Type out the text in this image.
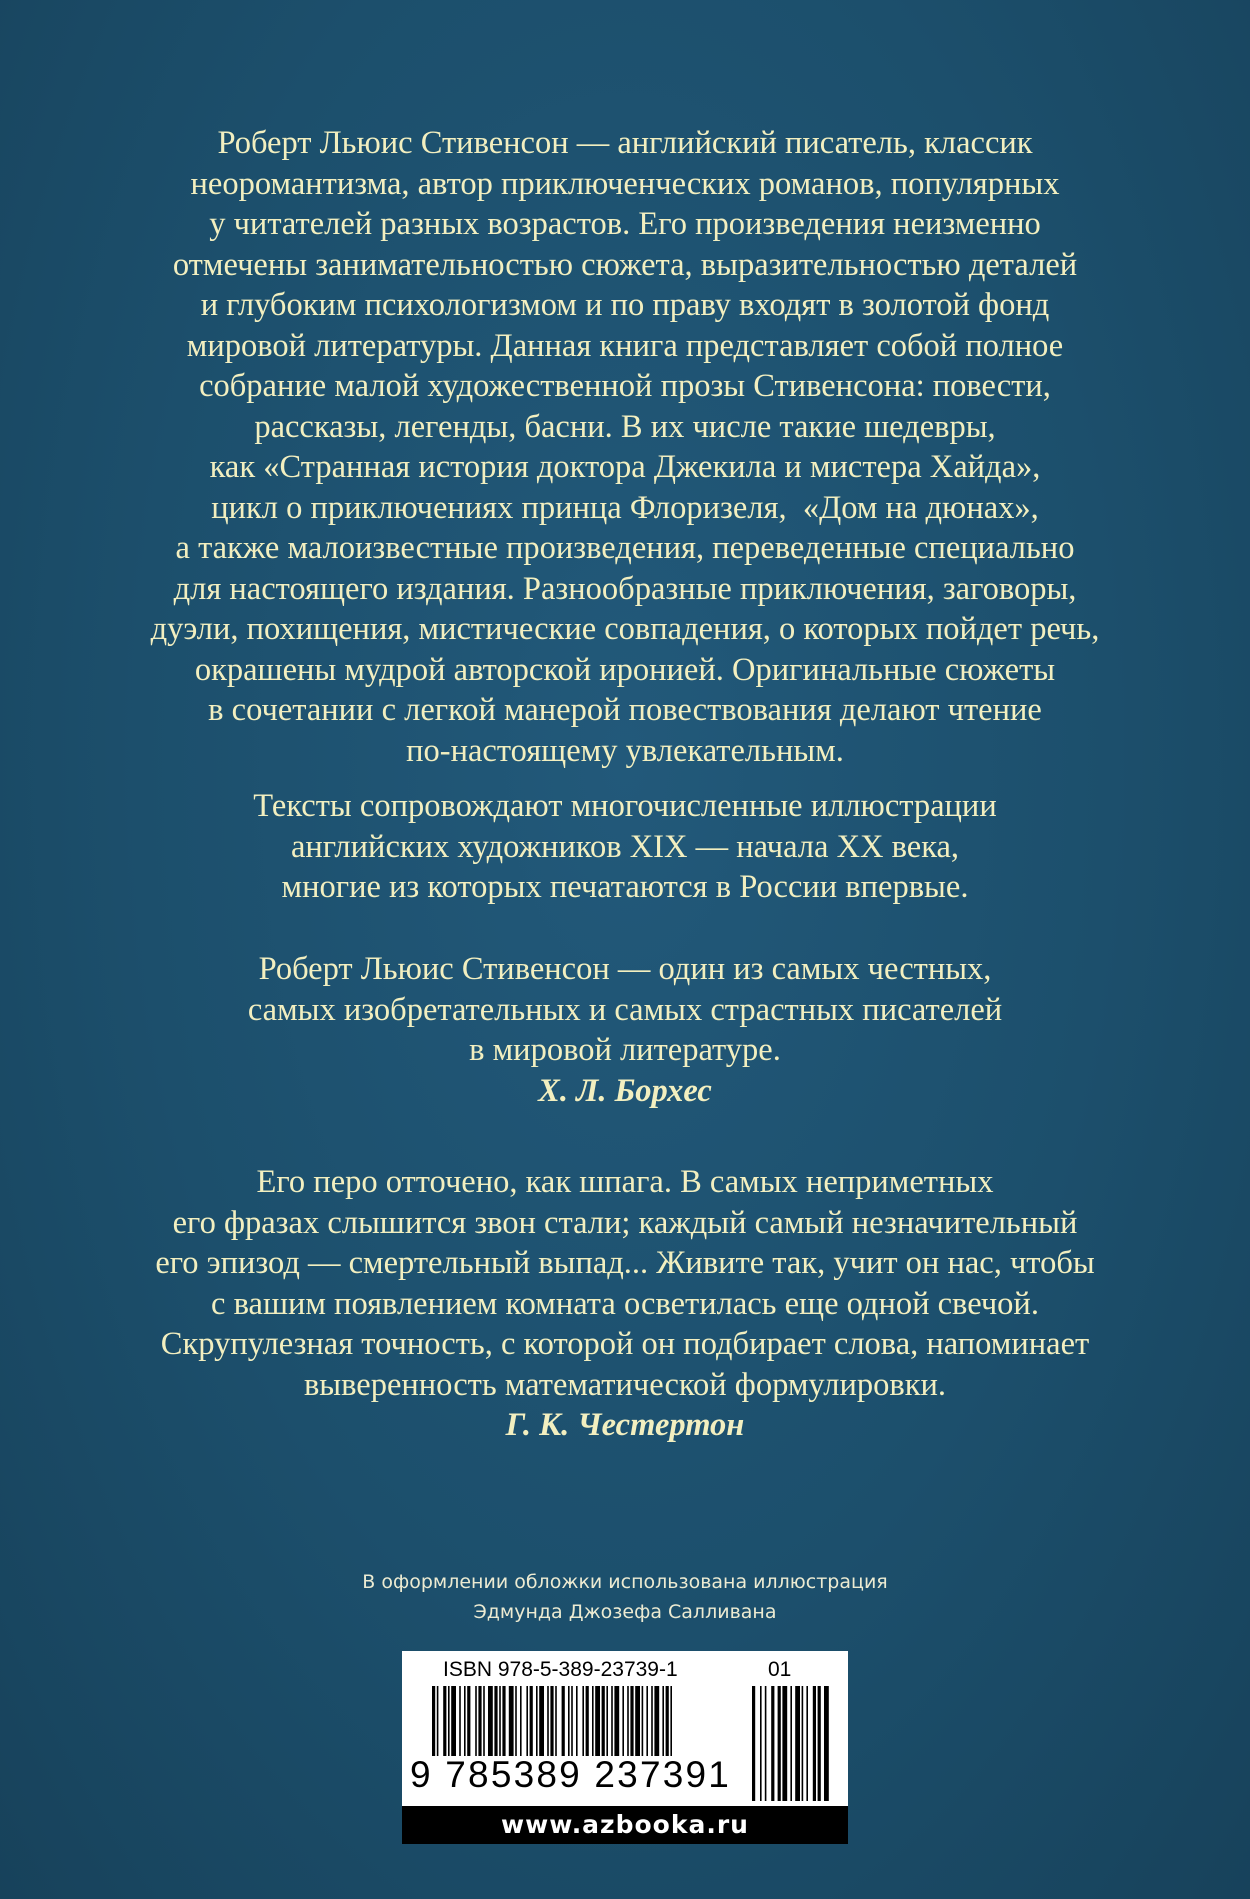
Роберт Льюис Стивенсон — английский писатель, классик
неоромантизма, автор приключенческих романов, популярных
у читателей разных возрастов. Его произведения неизменно
отмечены занимательностью сюжета, выразительностью деталей
и глубоким психологизмом и по праву входят в золотой фонд
мировой литературы. Данная книга представляет собой полное
собрание малой художественной прозы Стивенсона: повести,
рассказы, легенды, басни. В их числе такие шедевры,
как «Странная история доктора Джекила и мистера Хайда»,
цикл о приключениях принца Флоризеля,  «Дом на дюнах»,
а также малоизвестные произведения, переведенные специально
для настоящего издания. Разнообразные приключения, заговоры,
дуэли, похищения, мистические совпадения, о которых пойдет речь,
окрашены мудрой авторской иронией. Оригинальные сюжеты
в сочетании с легкой манерой повествования делают чтение
по-настоящему увлекательным.
Тексты сопровождают многочисленные иллюстрации
английских художников XIX — начала XX века,
многие из которых печатаются в России впервые.
Роберт Льюис Стивенсон — один из самых честных,
самых изобретательных и самых страстных писателей
в мировой литературе.
Х. Л. Борхес
Его перо отточено, как шпага. В самых неприметных
его фразах слышится звон стали; каждый самый незначительный
его эпизод — смертельный выпад... Живите так, учит он нас, чтобы
с вашим появлением комната осветилась еще одной свечой.
Скрупулезная точность, с которой он подбирает слова, напоминает
выверенность математической формулировки.
Г. К. Честертон
В оформлении обложки использована иллюстрация
Эдмунда Джозефа Салливана
ISBN 978-5-389-23739-1	01
9 785389 237391
www.azbooka.ru
